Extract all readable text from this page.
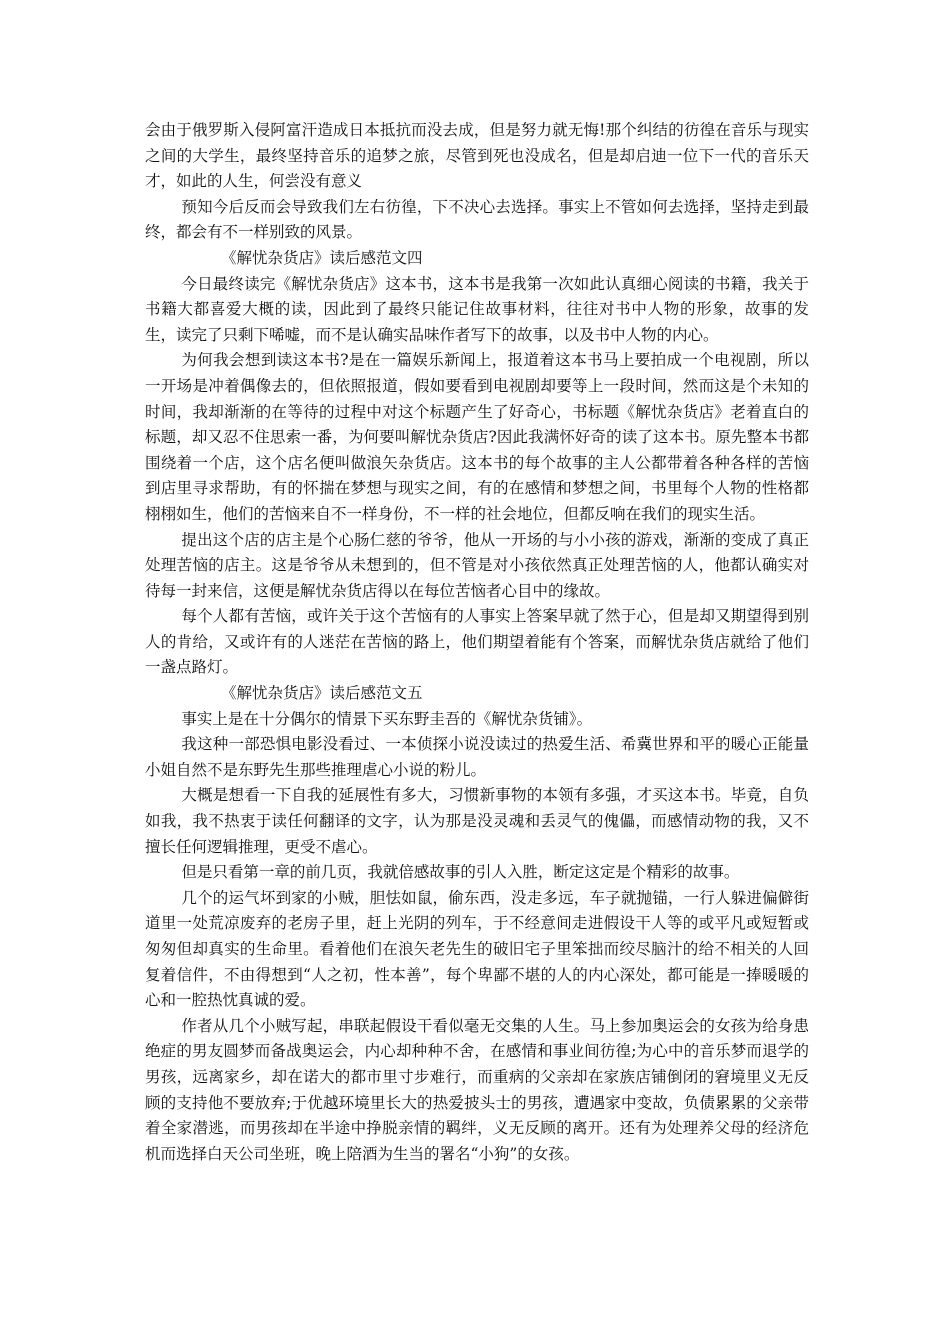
会由于俄罗斯入侵阿富汗造成日本抵抗而没去成，但是努力就无悔!那个纠结的彷徨在音乐与现实之间的大学生，最终坚持音乐的追梦之旅，尽管到死也没成名，但是却启迪一位下一代的音乐天才，如此的人生，何尝没有意义

预知今后反而会导致我们左右彷徨，下不决心去选择。事实上不管如何去选择，坚持走到最终，都会有不一样别致的风景。

《解忧杂货店》读后感范文四

今日最终读完《解忧杂货店》这本书，这本书是我第一次如此认真细心阅读的书籍，我关于书籍大都喜爱大概的读，因此到了最终只能记住故事材料，往往对书中人物的形象，故事的发生，读完了只剩下唏嘘，而不是认确实品味作者写下的故事，以及书中人物的内心。

为何我会想到读这本书?是在一篇娱乐新闻上，报道着这本书马上要拍成一个电视剧，所以一开场是冲着偶像去的，但依照报道，假如要看到电视剧却要等上一段时间，然而这是个未知的时间，我却渐渐的在等待的过程中对这个标题产生了好奇心，书标题《解忧杂货店》老着直白的标题，却又忍不住思索一番，为何要叫解忧杂货店?因此我满怀好奇的读了这本书。原先整本书都围绕着一个店，这个店名便叫做浪矢杂货店。这本书的每个故事的主人公都带着各种各样的苦恼到店里寻求帮助，有的怀揣在梦想与现实之间，有的在感情和梦想之间，书里每个人物的性格都栩栩如生，他们的苦恼来自不一样身份，不一样的社会地位，但都反响在我们的现实生活。

提出这个店的店主是个心肠仁慈的爷爷，他从一开场的与小小孩的游戏，渐渐的变成了真正处理苦恼的店主。这是爷爷从未想到的，但不管是对小孩依然真正处理苦恼的人，他都认确实对待每一封来信，这便是解忧杂货店得以在每位苦恼者心目中的缘故。

每个人都有苦恼，或许关于这个苦恼有的人事实上答案早就了然于心，但是却又期望得到别人的肯给，又或许有的人迷茫在苦恼的路上，他们期望着能有个答案，而解忧杂货店就给了他们一盏点路灯。

《解忧杂货店》读后感范文五

事实上是在十分偶尔的情景下买东野圭吾的《解忧杂货铺》。

我这种一部恐惧电影没看过、一本侦探小说没读过的热爱生活、希冀世界和平的暖心正能量小姐自然不是东野先生那些推理虐心小说的粉儿。

大概是想看一下自我的延展性有多大，习惯新事物的本领有多强，才买这本书。毕竟，自负如我，我不热衷于读任何翻译的文字，认为那是没灵魂和丢灵气的傀儡，而感情动物的我，又不擅长任何逻辑推理，更受不虐心。

但是只看第一章的前几页，我就倍感故事的引人入胜，断定这定是个精彩的故事。

几个的运气坏到家的小贼，胆怯如鼠，偷东西，没走多远，车子就抛锚，一行人躲进偏僻街道里一处荒凉废弃的老房子里，赶上光阴的列车，于不经意间走进假设干人等的或平凡或短暂或匆匆但却真实的生命里。看着他们在浪矢老先生的破旧宅子里笨拙而绞尽脑汁的给不相关的人回复着信件，不由得想到“人之初，性本善”，每个卑鄙不堪的人的内心深处，都可能是一捧暖暖的心和一腔热忱真诚的爱。

作者从几个小贼写起，串联起假设干看似毫无交集的人生。马上参加奥运会的女孩为给身患绝症的男友圆梦而备战奥运会，内心却种种不舍，在感情和事业间彷徨;为心中的音乐梦而退学的男孩，远离家乡，却在诺大的都市里寸步难行，而重病的父亲却在家族店铺倒闭的窘境里义无反顾的支持他不要放弃;于优越环境里长大的热爱披头士的男孩，遭遇家中变故，负债累累的父亲带着全家潜逃，而男孩却在半途中挣脱亲情的羁绊，义无反顾的离开。还有为处理养父母的经济危机而选择白天公司坐班，晚上陪酒为生当的署名“小狗”的女孩。
